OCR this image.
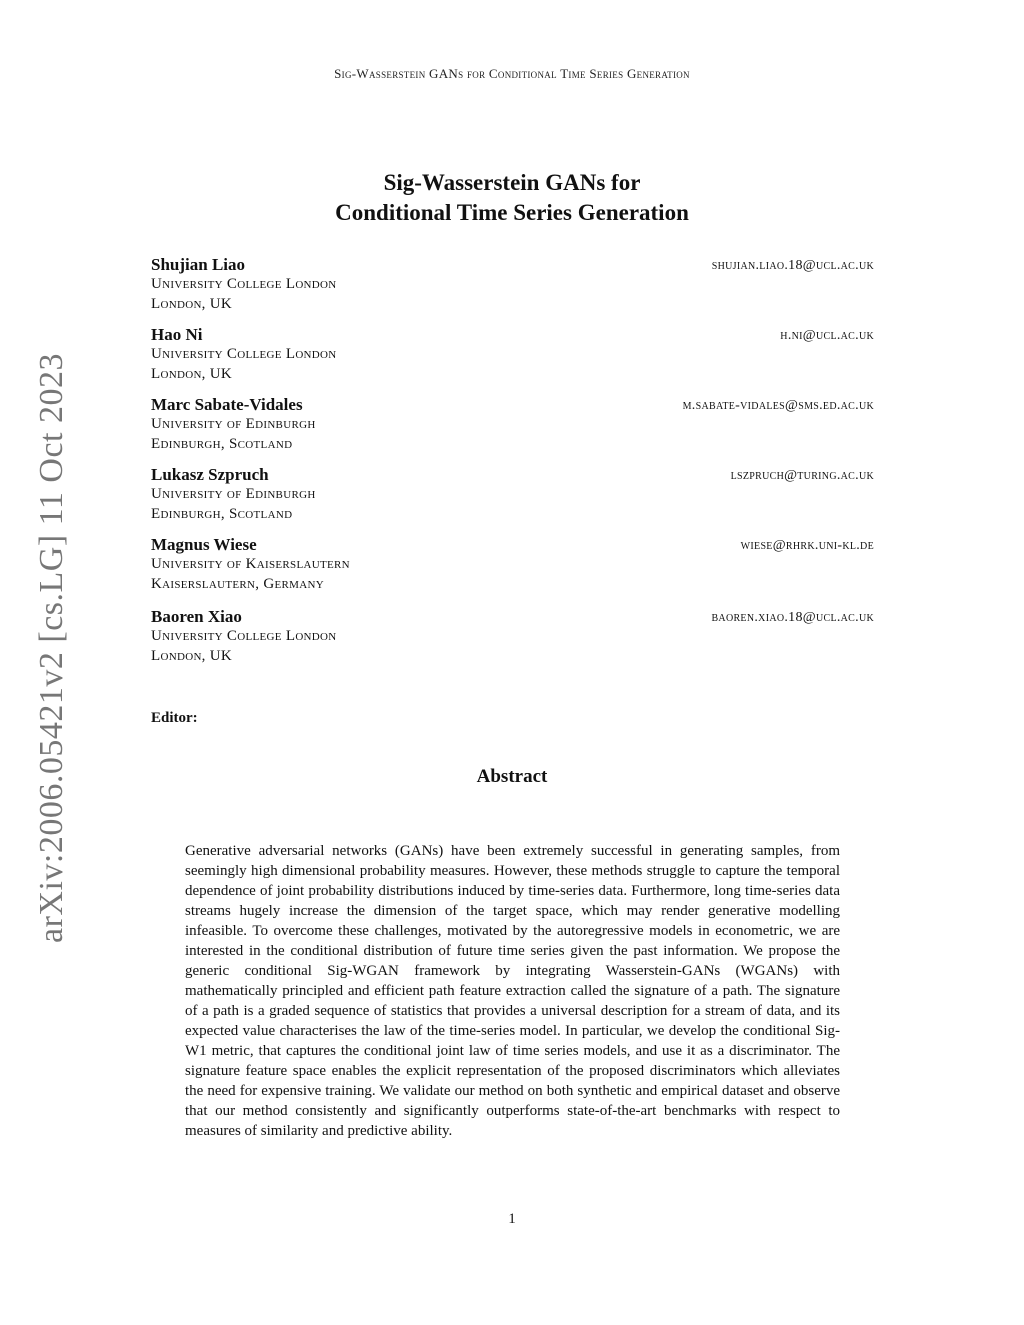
Sig-Wasserstein GANs for Conditional Time Series Generation
arXiv:2006.05421v2 [cs.LG] 11 Oct 2023
Sig-Wasserstein GANs for
Conditional Time Series Generation
Shujian Liao	shujian.liao.18@ucl.ac.uk
University College London
London, UK
Hao Ni	h.ni@ucl.ac.uk
University College London
London, UK
Marc Sabate-Vidales	m.sabate-vidales@sms.ed.ac.uk
University of Edinburgh
Edinburgh, Scotland
Lukasz Szpruch	lszpruch@turing.ac.uk
University of Edinburgh
Edinburgh, Scotland
Magnus Wiese	wiese@rhrk.uni-kl.de
University of Kaiserslautern
Kaiserslautern, Germany
Baoren Xiao	baoren.xiao.18@ucl.ac.uk
University College London
London, UK
Editor:
Abstract
Generative adversarial networks (GANs) have been extremely successful in generating samples, from seemingly high dimensional probability measures. However, these methods struggle to capture the temporal dependence of joint probability distributions induced by time-series data. Furthermore, long time-series data streams hugely increase the dimension of the target space, which may render generative modelling infeasible. To overcome these challenges, motivated by the autoregressive models in econometric, we are interested in the conditional distribution of future time series given the past information. We propose the generic conditional Sig-WGAN framework by integrating Wasserstein-GANs (WGANs) with mathematically principled and efficient path feature extraction called the signature of a path. The signature of a path is a graded sequence of statistics that provides a universal description for a stream of data, and its expected value characterises the law of the time-series model. In particular, we develop the conditional Sig-W1 metric, that captures the conditional joint law of time series models, and use it as a discriminator. The signature feature space enables the explicit representation of the proposed discriminators which alleviates the need for expensive training. We validate our method on both synthetic and empirical dataset and observe that our method consistently and significantly outperforms state-of-the-art benchmarks with respect to measures of similarity and predictive ability.
1
